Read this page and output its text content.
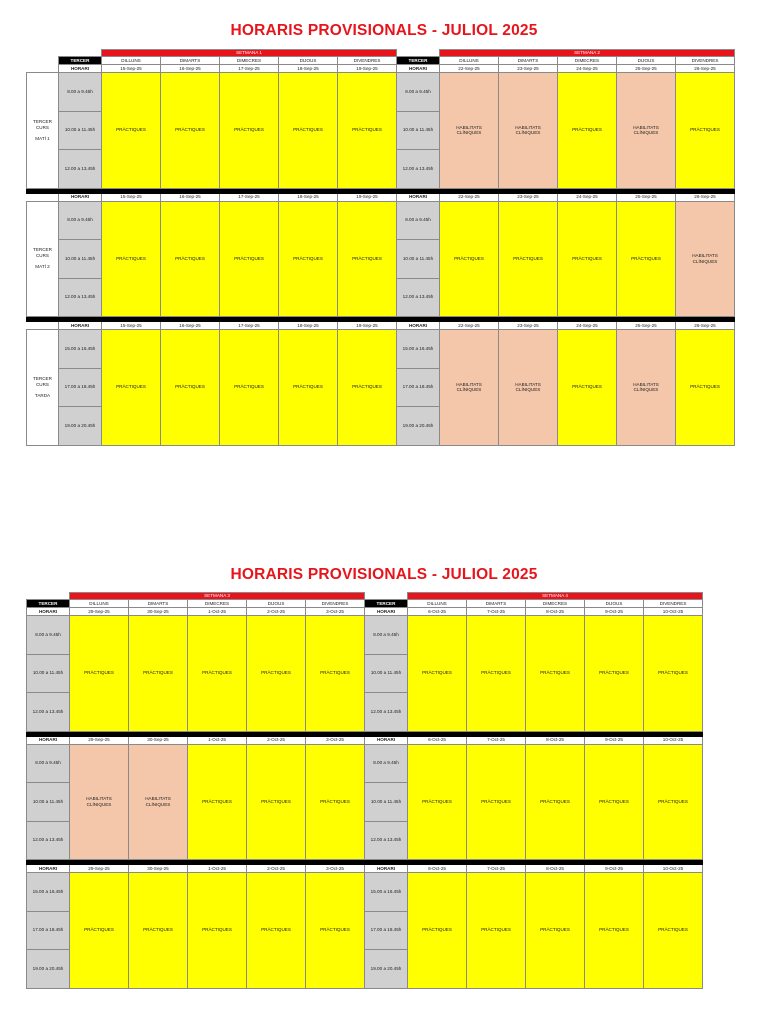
HORARIS PROVISIONALS - JULIOL 2025
HORARIS PROVISIONALS - JULIOL 2025
		SETMANA 1						SETMANA 2				
	TERCER	DILLUNS	DIMARTS	DIMECRES	DIJOUS	DIVENDRES	TERCER	DILLUNS	DIMARTS	DIMECRES	DIJOUS	DIVENDRES
	HORARI	15-Sep-25	16-Sep-25	17-Sep-25	18-Sep-25	19-Sep-25	HORARI	22-Sep-25	23-Sep-25	24-Sep-25	25-Sep-25	26-Sep-25

TERCER
CURS
MATÍ 1	8.00 a 9.45h	PRÀCTIQUES	PRÀCTIQUES	PRÀCTIQUES	PRÀCTIQUES	PRÀCTIQUES	8.00 a 9.45h	HABILITATS CLÍNIQUES	HABILITATS CLÍNIQUES	PRÀCTIQUES	HABILITATS CLÍNIQUES	PRÀCTIQUES
	10.00 a 11.45h						10.00 a 11.45h					
	12.00 a 13.45h						12.00 a 13.45h					

	HORARI	15-Sep-25	16-Sep-25	17-Sep-25	18-Sep-25	19-Sep-25	HORARI	22-Sep-25	23-Sep-25	24-Sep-25	25-Sep-25	26-Sep-25

TERCER
CURS
MATÍ 2	8.00 a 9.45h	PRÀCTIQUES	PRÀCTIQUES	PRÀCTIQUES	PRÀCTIQUES	PRÀCTIQUES	8.00 a 9.45h	PRÀCTIQUES	PRÀCTIQUES	PRÀCTIQUES	PRÀCTIQUES	HABILITATS CLÍNIQUES
	10.00 a 11.45h						10.00 a 11.45h					
	12.00 a 13.45h						12.00 a 13.45h					

	HORARI	15-Sep-25	16-Sep-25	17-Sep-25	18-Sep-25	19-Sep-25	HORARI	22-Sep-25	23-Sep-25	24-Sep-25	25-Sep-25	26-Sep-25

TERCER
CURS
TARDA	15.00 a 16.45h	PRÀCTIQUES	PRÀCTIQUES	PRÀCTIQUES	PRÀCTIQUES	PRÀCTIQUES	15.00 a 16.45h	HABILITATS CLÍNIQUES	HABILITATS CLÍNIQUES	PRÀCTIQUES	HABILITATS CLÍNIQUES	PRÀCTIQUES
	17.00 a 18.45h						17.00 a 18.45h					
	19.00 a 20.45h						19.00 a 20.45h					
	SETMANA 3						SETMANA 4				
TERCER	DILLUNS	DIMARTS	DIMECRES	DIJOUS	DIVENDRES	TERCER	DILLUNS	DIMARTS	DIMECRES	DIJOUS	DIVENDRES
HORARI	29-Sep-25	30-Sep-25	1-Oct-25	2-Oct-25	3-Oct-25	HORARI	6-Oct-25	7-Oct-25	8-Oct-25	9-Oct-25	10-Oct-25
8.00 a 9.45h	PRÀCTIQUES	PRÀCTIQUES	PRÀCTIQUES	PRÀCTIQUES	PRÀCTIQUES	8.00 a 9.45h	PRÀCTIQUES	PRÀCTIQUES	PRÀCTIQUES	PRÀCTIQUES	PRÀCTIQUES
10.00 a 11.45h						10.00 a 11.45h					
12.00 a 13.45h						12.00 a 13.45h					

HORARI	29-Sep-25	30-Sep-25	1-Oct-25	2-Oct-25	3-Oct-25	HORARI	6-Oct-25	7-Oct-25	8-Oct-25	9-Oct-25	10-Oct-25
8.00 a 9.45h	HABILITATS CLÍNIQUES	HABILITATS CLÍNIQUES	PRÀCTIQUES	PRÀCTIQUES	PRÀCTIQUES	8.00 a 9.45h	PRÀCTIQUES	PRÀCTIQUES	PRÀCTIQUES	PRÀCTIQUES	PRÀCTIQUES
10.00 a 11.45h						10.00 a 11.45h					
12.00 a 13.45h						12.00 a 13.45h					

HORARI	29-Sep-25	30-Sep-25	1-Oct-25	2-Oct-25	3-Oct-25	HORARI	6-Oct-25	7-Oct-25	8-Oct-25	9-Oct-25	10-Oct-25
15.00 a 16.45h	PRÀCTIQUES	PRÀCTIQUES	PRÀCTIQUES	PRÀCTIQUES	PRÀCTIQUES	15.00 a 16.45h	PRÀCTIQUES	PRÀCTIQUES	PRÀCTIQUES	PRÀCTIQUES	PRÀCTIQUES
17.00 a 18.45h						17.00 a 18.45h					
19.00 a 20.45h						19.00 a 20.45h					
